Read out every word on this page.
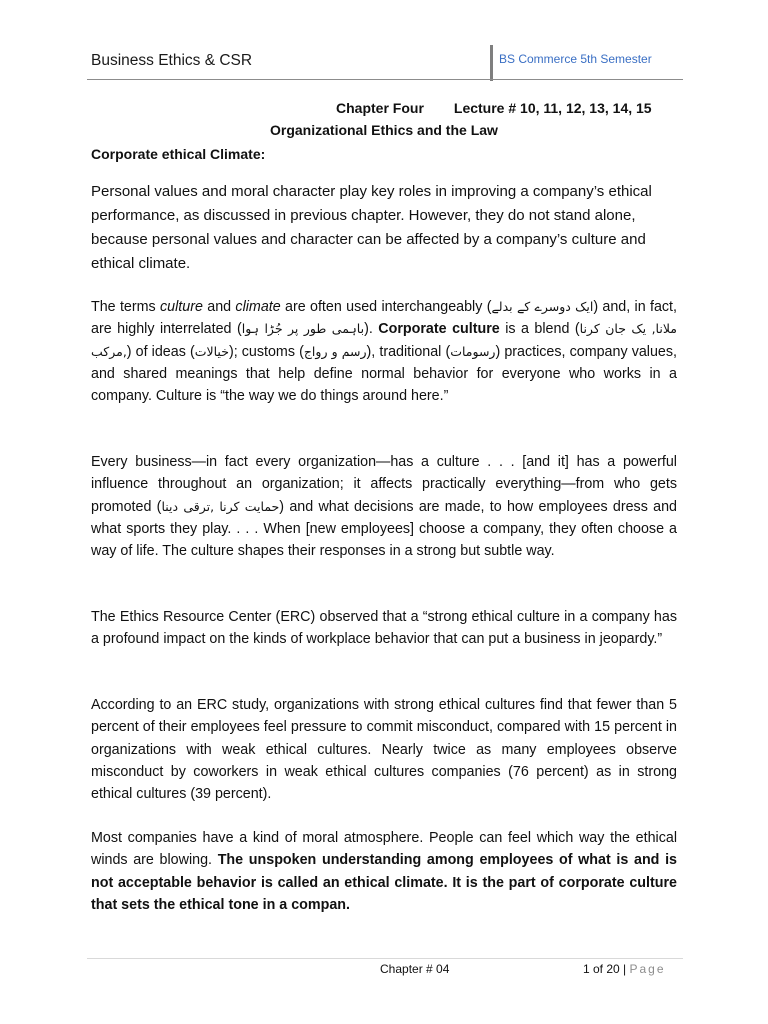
Business Ethics & CSR	BS Commerce 5th Semester
Chapter Four Lecture # 10, 11, 12, 13, 14, 15
Organizational Ethics and the Law
Corporate ethical Climate:

Personal values and moral character play key roles in improving a company’s ethical performance, as discussed in previous chapter. However, they do not stand alone, because personal values and character can be affected by a company’s culture and ethical climate.

The terms culture and climate are often used interchangeably (ایک دوسرے کے بدلے) and, in fact, are highly interrelated (باہمی طور پر جُڑا ہوا). Corporate culture is a blend (ملانا, یک جان کرنا ,مرکب) of ideas (خیالات); customs (رسم و رواج), traditional (رسومات) practices, company values, and shared meanings that help define normal behavior for everyone who works in a company. Culture is “the way we do things around here.”

Every business—in fact every organization—has a culture . . . [and it] has a powerful influence throughout an organization; it affects practically everything—from who gets promoted (حمایت کرنا ,ترقی دینا) and what decisions are made, to how employees dress and what sports they play. . . . When [new employees] choose a company, they often choose a way of life. The culture shapes their responses in a strong but subtle way.

The Ethics Resource Center (ERC) observed that a “strong ethical culture in a company has a profound impact on the kinds of workplace behavior that can put a business in jeopardy.”

According to an ERC study, organizations with strong ethical cultures find that fewer than 5 percent of their employees feel pressure to commit misconduct, compared with 15 percent in organizations with weak ethical cultures. Nearly twice as many employees observe misconduct by coworkers in weak ethical cultures companies (76 percent) as in strong ethical cultures (39 percent).

Most companies have a kind of moral atmosphere. People can feel which way the ethical winds are blowing. The unspoken understanding among employees of what is and is not acceptable behavior is called an ethical climate. It is the part of corporate culture that sets the ethical tone in a compan.

Chapter # 04	1 of 20 | Page
